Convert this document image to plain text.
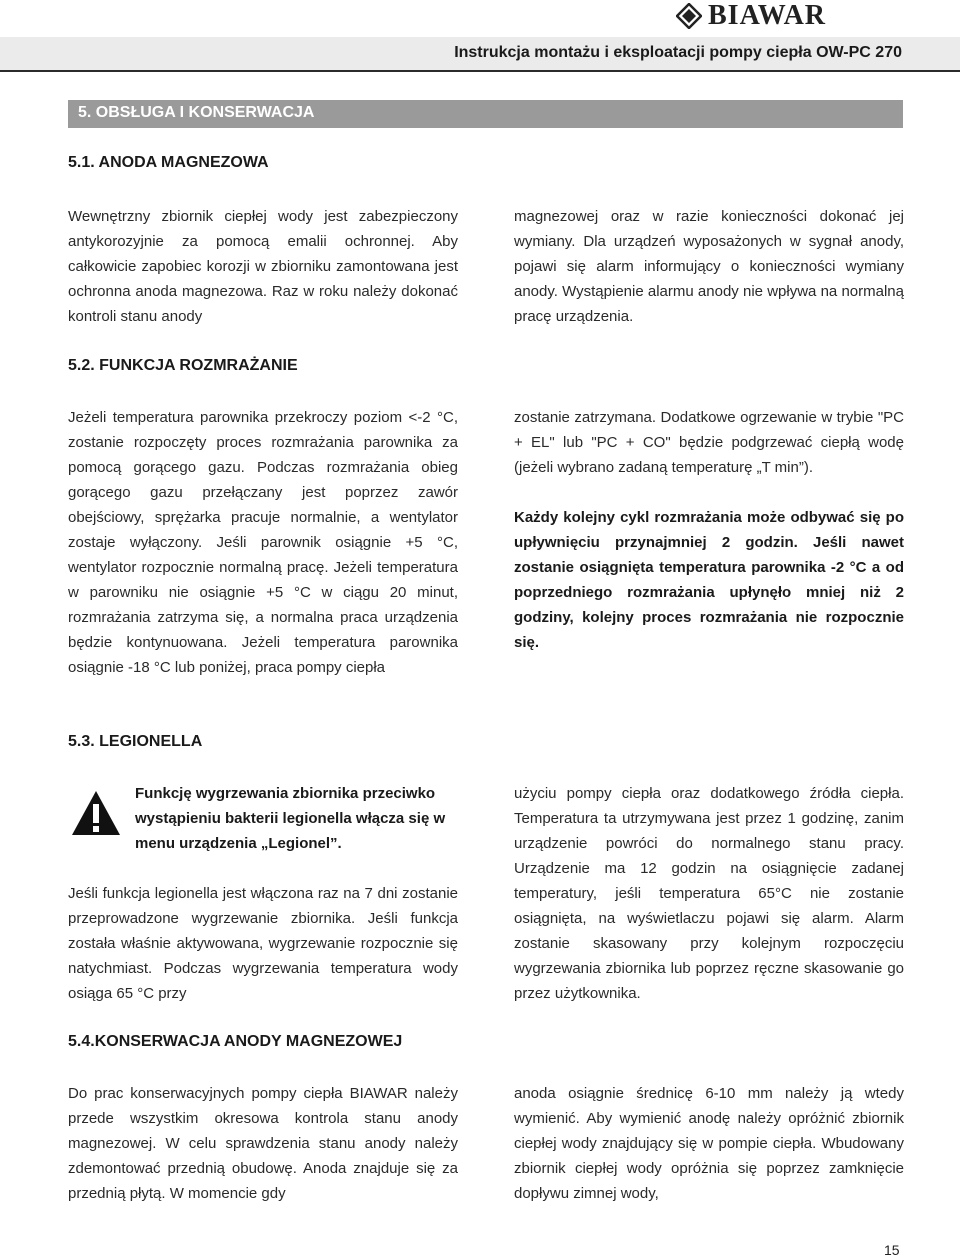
BIAWAR
Instrukcja montażu i eksploatacji pompy ciepła OW-PC 270
5. OBSŁUGA I KONSERWACJA
5.1. ANODA MAGNEZOWA
Wewnętrzny zbiornik ciepłej wody jest zabezpieczony antykorozyjnie za pomocą emalii ochronnej. Aby całkowicie zapobiec korozji w zbiorniku zamontowana jest ochronna anoda magnezowa. Raz w roku należy dokonać kontroli stanu anody
magnezowej oraz w razie konieczności dokonać jej wymiany. Dla urządzeń wyposażonych w sygnał anody, pojawi się alarm informujący o konieczności wymiany anody. Wystąpienie alarmu anody nie wpływa na normalną pracę urządzenia.
5.2. FUNKCJA ROZMRAŻANIE
Jeżeli temperatura parownika przekroczy poziom <-2 °C, zostanie rozpoczęty proces rozmrażania parownika za pomocą gorącego gazu. Podczas rozmrażania obieg gorącego gazu przełączany jest poprzez zawór obejściowy, sprężarka pracuje normalnie, a wentylator zostaje wyłączony. Jeśli parownik osiągnie +5 °C, wentylator rozpocznie normalną pracę. Jeżeli temperatura w parowniku nie osiągnie +5 °C w ciągu 20 minut, rozmrażania zatrzyma się, a normalna praca urządzenia będzie kontynuowana. Jeżeli temperatura parownika osiągnie -18 °C lub poniżej, praca pompy ciepła
zostanie zatrzymana. Dodatkowe ogrzewanie w trybie "PC + EL" lub "PC + CO" będzie podgrzewać ciepłą wodę (jeżeli wybrano zadaną temperaturę „T min”).
Każdy kolejny cykl rozmrażania może odbywać się po upływnięciu przynajmniej 2 godzin. Jeśli nawet zostanie osiągnięta temperatura parownika -2 °C a od poprzedniego rozmrażania upłynęło mniej niż 2 godziny, kolejny proces rozmrażania nie rozpocznie się.
5.3. LEGIONELLA
Funkcję wygrzewania zbiornika przeciwko wystąpieniu bakterii legionella włącza się w menu urządzenia „Legionel”.
Jeśli funkcja legionella jest włączona raz na 7 dni zostanie przeprowadzone wygrzewanie zbiornika. Jeśli funkcja została właśnie aktywowana, wygrzewanie rozpocznie się natychmiast. Podczas wygrzewania temperatura wody osiąga 65 °C przy
użyciu pompy ciepła oraz dodatkowego źródła ciepła. Temperatura ta utrzymywana jest przez 1 godzinę, zanim urządzenie powróci do normalnego stanu pracy. Urządzenie ma 12 godzin na osiągnięcie zadanej temperatury, jeśli temperatura 65°C nie zostanie osiągnięta, na wyświetlaczu pojawi się alarm. Alarm zostanie skasowany przy kolejnym rozpoczęciu wygrzewania zbiornika lub poprzez ręczne skasowanie go przez użytkownika.
5.4.KONSERWACJA ANODY MAGNEZOWEJ
Do prac konserwacyjnych pompy ciepła BIAWAR należy przede wszystkim okresowa kontrola stanu anody magnezowej. W celu sprawdzenia stanu anody należy zdemontować przednią obudowę. Anoda znajduje się za przednią płytą. W momencie gdy
anoda osiągnie średnicę 6-10 mm należy ją wtedy wymienić. Aby wymienić anodę należy opróżnić zbiornik ciepłej wody znajdujący się w pompie ciepła. Wbudowany zbiornik ciepłej wody opróżnia się poprzez zamknięcie dopływu zimnej wody,
15
